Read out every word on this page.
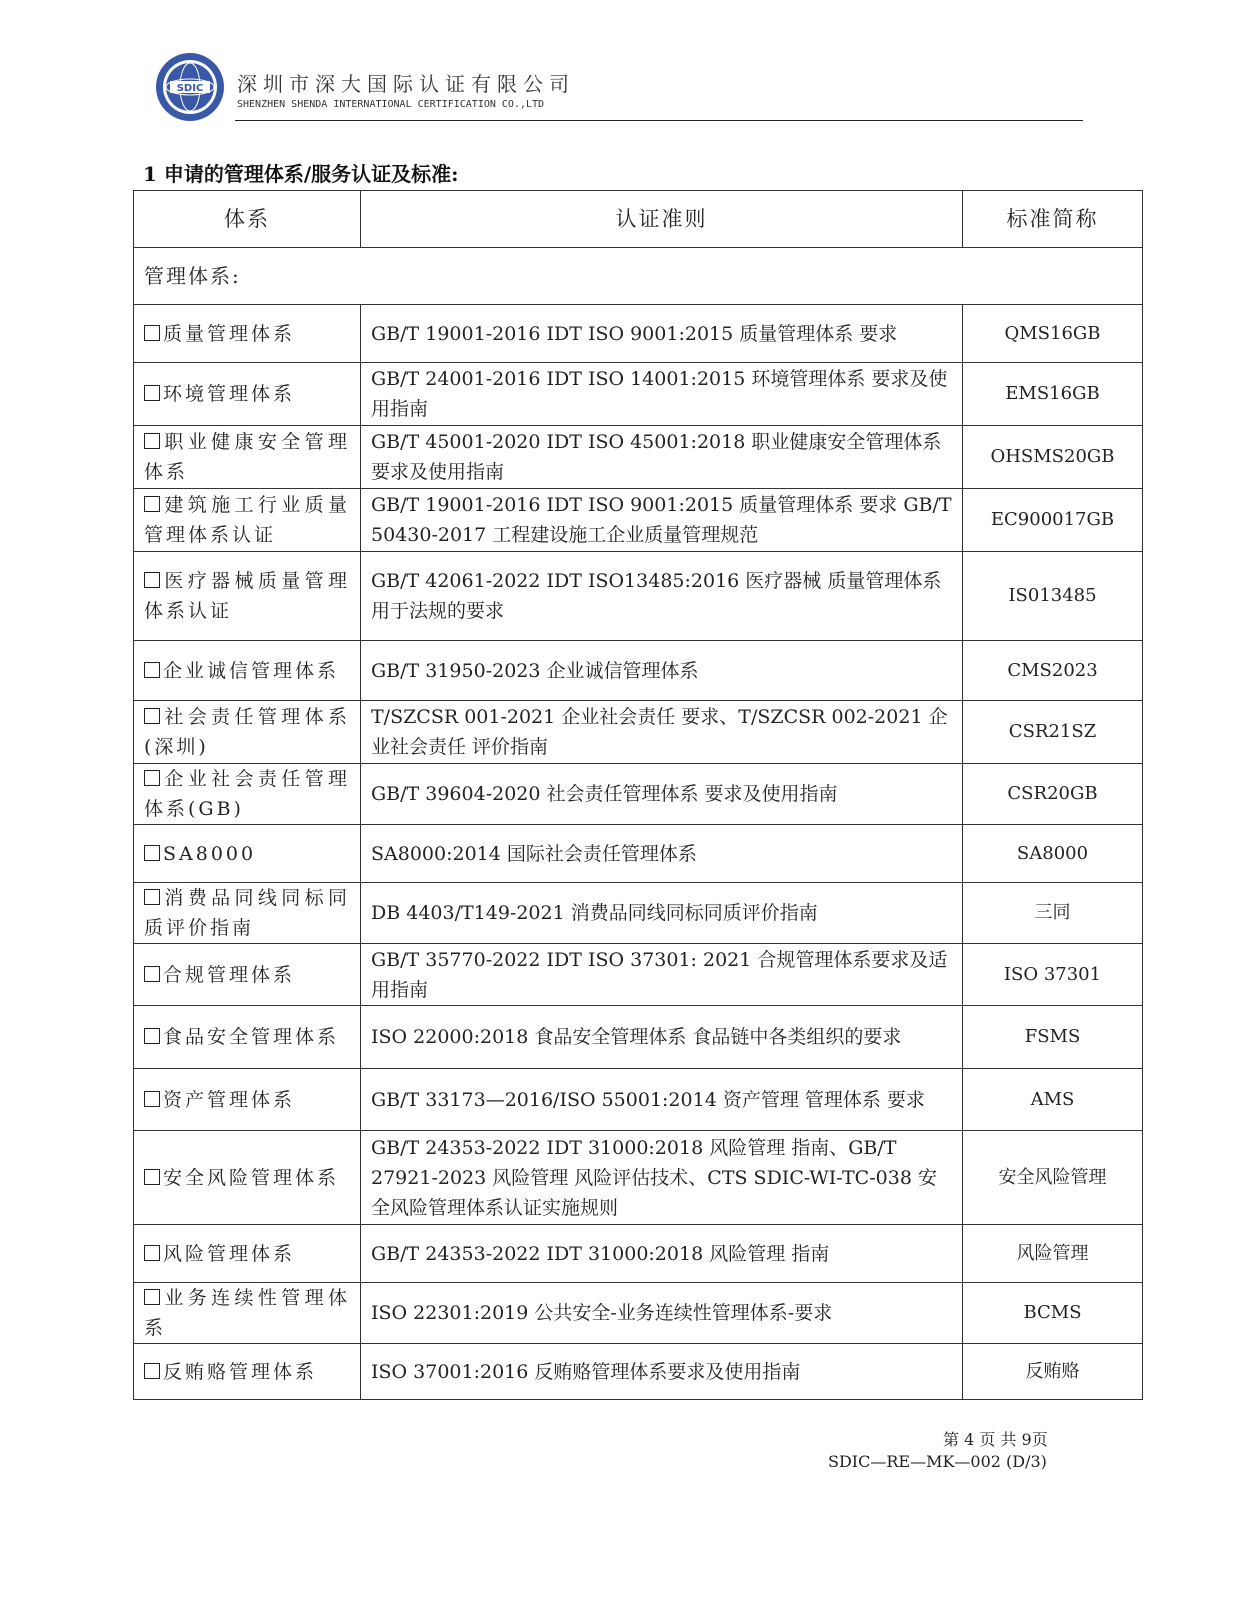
SDIC 深圳市深大国际认证有限公司
SHENZHEN SHENDA INTERNATIONAL CERTIFICATION CO.,LTD
1 申请的管理体系/服务认证及标准:
体系	认证准则	标准简称
管理体系:		
质量管理体系	GB/T 19001-2016 IDT ISO 9001:2015 质量管理体系 要求	QMS16GB
环境管理体系	GB/T 24001-2016 IDT ISO 14001:2015 环境管理体系 要求及使用指南	EMS16GB
职业健康安全管理体系	GB/T 45001-2020 IDT ISO 45001:2018 职业健康安全管理体系 要求及使用指南	OHSMS20GB
建筑施工行业质量管理体系认证	GB/T 19001-2016 IDT ISO 9001:2015 质量管理体系 要求 GB/T 50430-2017 工程建设施工企业质量管理规范	EC900017GB
医疗器械质量管理体系认证	GB/T 42061-2022 IDT ISO13485:2016 医疗器械 质量管理体系用于法规的要求	IS013485
企业诚信管理体系	GB/T 31950-2023 企业诚信管理体系	CMS2023
社会责任管理体系(深圳)	T/SZCSR 001-2021 企业社会责任 要求、T/SZCSR 002-2021 企业社会责任 评价指南	CSR21SZ
企业社会责任管理体系(GB)	GB/T 39604-2020 社会责任管理体系 要求及使用指南	CSR20GB
SA8000	SA8000:2014 国际社会责任管理体系	SA8000
消费品同线同标同质评价指南	DB 4403/T149-2021 消费品同线同标同质评价指南	三同
合规管理体系	GB/T 35770-2022 IDT ISO 37301: 2021 合规管理体系要求及适用指南	ISO 37301
食品安全管理体系	ISO 22000:2018 食品安全管理体系 食品链中各类组织的要求	FSMS
资产管理体系	GB/T 33173—2016/ISO 55001:2014 资产管理 管理体系 要求	AMS
安全风险管理体系	GB/T 24353-2022 IDT 31000:2018 风险管理 指南、GB/T 27921-2023 风险管理 风险评估技术、CTS SDIC-WI-TC-038 安全风险管理体系认证实施规则	安全风险管理
风险管理体系	GB/T 24353-2022 IDT 31000:2018 风险管理 指南	风险管理
业务连续性管理体系	ISO 22301:2019 公共安全-业务连续性管理体系-要求	BCMS
反贿赂管理体系	ISO 37001:2016 反贿赂管理体系要求及使用指南	反贿赂
第 4 页 共 9页
SDIC—RE—MK—002 (D/3)
